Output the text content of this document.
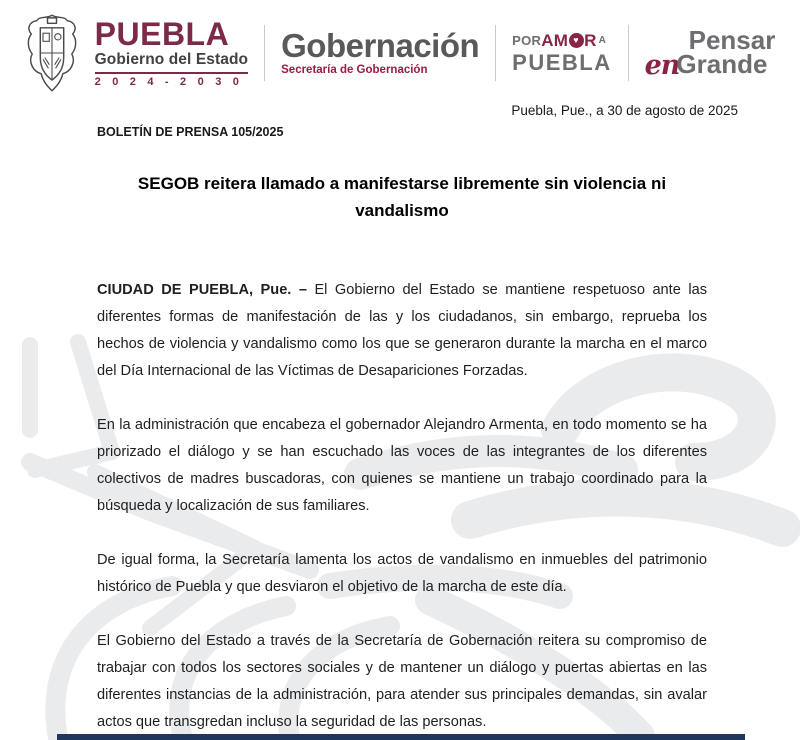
PUEBLA
Gobierno del Estado
2 0 2 4 - 2 0 3 0
Gobernación
Secretaría de Gobernación
POR AM ♥ R A
PUEBLA
Pensar
en
Grande
Puebla, Pue., a 30 de agosto de 2025
BOLETÍN DE PRENSA 105/2025
SEGOB reitera llamado a manifestarse libremente sin violencia ni vandalismo

CIUDAD DE PUEBLA, Pue. – El Gobierno del Estado se mantiene respetuoso ante las diferentes formas de manifestación de las y los ciudadanos, sin embargo, reprueba los hechos de violencia y vandalismo como los que se generaron durante la marcha en el marco del Día Internacional de las Víctimas de Desapariciones Forzadas.

En la administración que encabeza el gobernador Alejandro Armenta, en todo momento se ha priorizado el diálogo y se han escuchado las voces de las integrantes de los diferentes colectivos de madres buscadoras, con quienes se mantiene un trabajo coordinado para la búsqueda y localización de sus familiares.

De igual forma, la Secretaría lamenta los actos de vandalismo en inmuebles del patrimonio histórico de Puebla y que desviaron el objetivo de la marcha de este día.

El Gobierno del Estado a través de la Secretaría de Gobernación reitera su compromiso de trabajar con todos los sectores sociales y de mantener un diálogo y puertas abiertas en las diferentes instancias de la administración, para atender sus principales demandas, sin avalar actos que transgredan incluso la seguridad de las personas.
